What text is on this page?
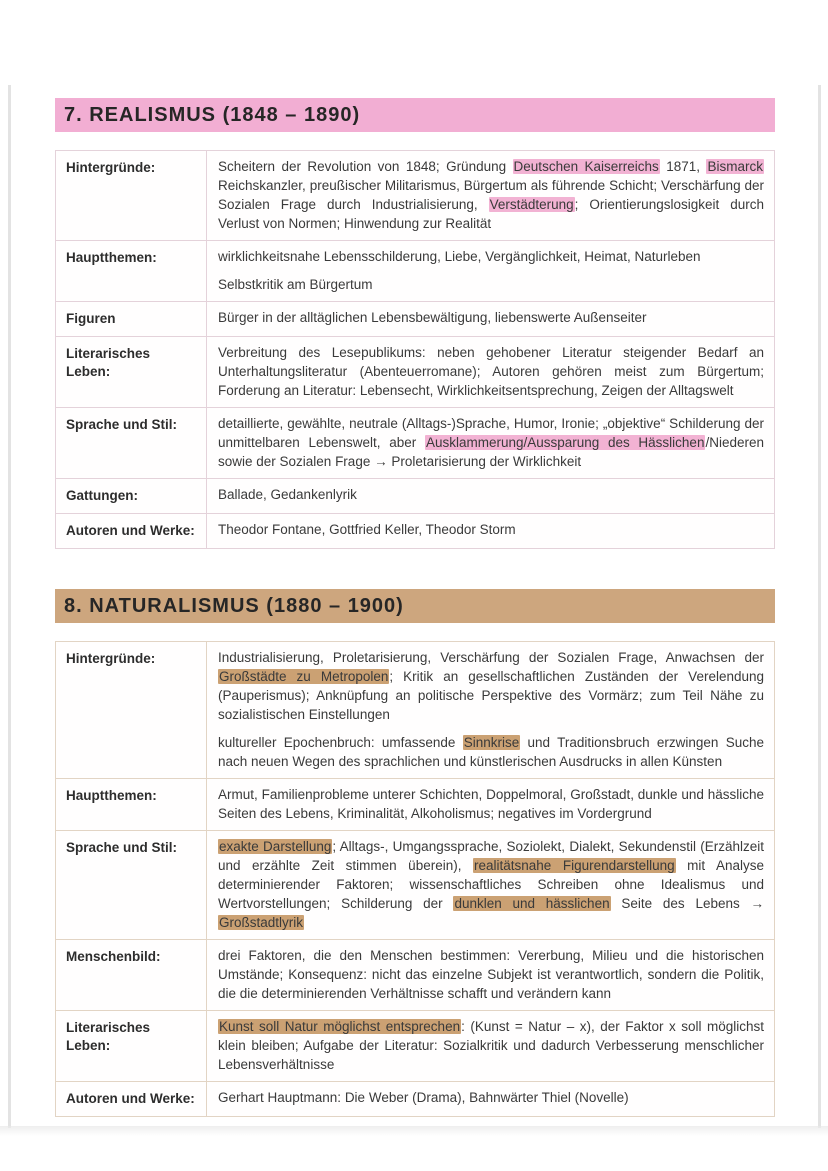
7. REALISMUS (1848 – 1890)
Hintergründe:	Scheitern der Revolution von 1848; Gründung Deutschen Kaiserreichs 1871, Bismarck Reichskanzler, preußischer Militarismus, Bürgertum als führende Schicht; Verschärfung der Sozialen Frage durch Industrialisierung, Verstädterung; Orientierungslosigkeit durch Verlust von Normen; Hinwendung zur Realität

Hauptthemen:	wirklichkeitsnahe Lebensschilderung, Liebe, Vergänglichkeit, Heimat, Naturleben

Selbstkritik am Bürgertum

Figuren	Bürger in der alltäglichen Lebensbewältigung, liebenswerte Außenseiter

Literarisches Leben:

Verbreitung des Lesepublikums: neben gehobener Literatur steigender Bedarf an Unterhaltungsliteratur (Abenteuerromane); Autoren gehören meist zum Bürgertum; Forderung an Literatur: Lebensecht, Wirklichkeitsentsprechung, Zeigen der Alltagswelt

Sprache und Stil:	detaillierte, gewählte, neutrale (Alltags-)Sprache, Humor, Ironie; „objektive“ Schilderung der unmittelbaren Lebenswelt, aber Ausklammerung/Aussparung des Hässlichen/Niederen sowie der Sozialen Frage → Proletarisierung der Wirklichkeit

Gattungen:	Ballade, Gedankenlyrik

Autoren und Werke:	Theodor Fontane, Gottfried Keller, Theodor Storm

8. NATURALISMUS (1880 – 1900)
Hintergründe:	Industrialisierung, Proletarisierung, Verschärfung der Sozialen Frage, Anwachsen der Großstädte zu Metropolen; Kritik an gesellschaftlichen Zuständen der Verelendung (Pauperismus); Anknüpfung an politische Perspektive des Vormärz; zum Teil Nähe zu sozialistischen Einstellungen

kultureller Epochenbruch: umfassende Sinnkrise und Traditionsbruch erzwingen Suche nach neuen Wegen des sprachlichen und künstlerischen Ausdrucks in allen Künsten

Hauptthemen:	Armut, Familienprobleme unterer Schichten, Doppelmoral, Großstadt, dunkle und hässliche Seiten des Lebens, Kriminalität, Alkoholismus; negatives im Vordergrund

Sprache und Stil:	exakte Darstellung; Alltags-, Umgangssprache, Soziolekt, Dialekt, Sekundenstil (Erzählzeit und erzählte Zeit stimmen überein), realitätsnahe Figurendarstellung mit Analyse determinierender Faktoren; wissenschaftliches Schreiben ohne Idealismus und Wertvorstellungen; Schilderung der dunklen und hässlichen Seite des Lebens → Großstadtlyrik

Menschenbild:	drei Faktoren, die den Menschen bestimmen: Vererbung, Milieu und die historischen Umstände; Konsequenz: nicht das einzelne Subjekt ist verantwortlich, sondern die Politik, die die determinierenden Verhältnisse schafft und verändern kann

Literarisches Leben:

Kunst soll Natur möglichst entsprechen: (Kunst = Natur – x), der Faktor x soll möglichst klein bleiben; Aufgabe der Literatur: Sozialkritik und dadurch Verbesserung menschlicher Lebensverhältnisse

Autoren und Werke:	Gerhart Hauptmann: Die Weber (Drama), Bahnwärter Thiel (Novelle)
